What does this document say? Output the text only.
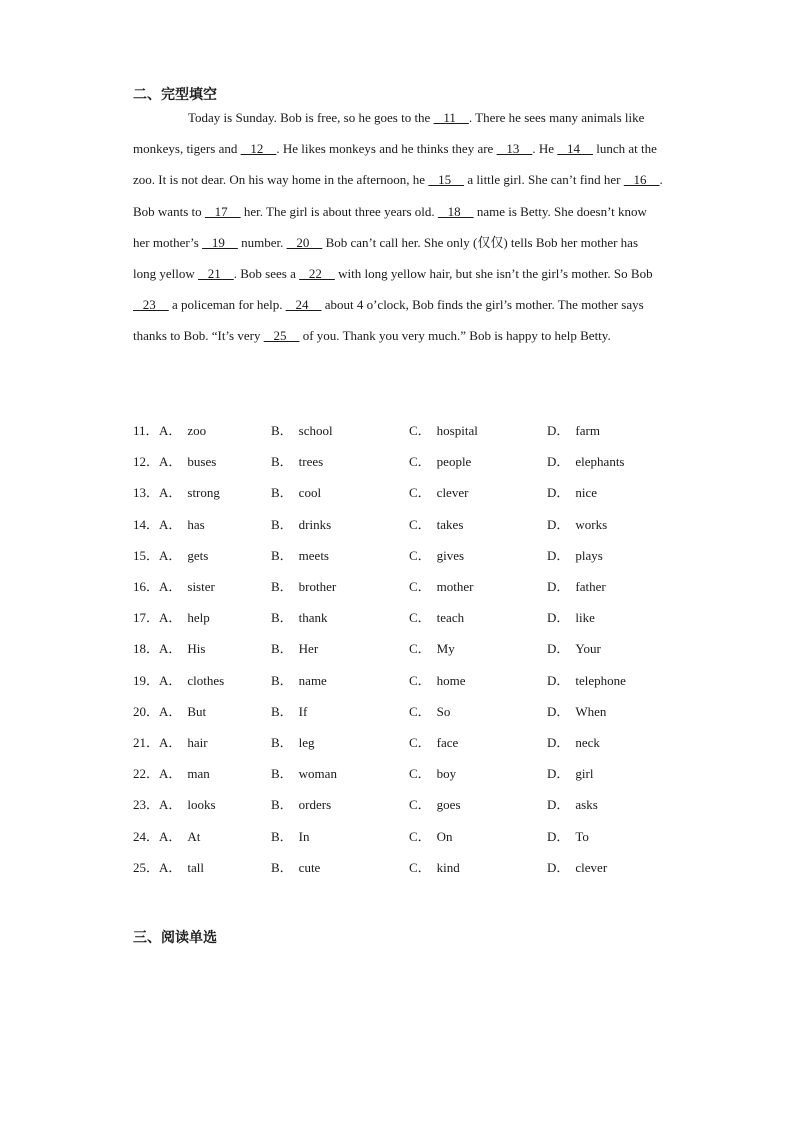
二、完型填空

Today is Sunday. Bob is free, so he goes to the    11    . There he sees many animals like monkeys, tigers and    12    . He likes monkeys and he thinks they are    13    . He    14     lunch at the zoo. It is not dear. On his way home in the afternoon, he    15     a little girl. She can’t find her    16    . Bob wants to    17     her. The girl is about three years old.    18     name is Betty. She doesn’t know her mother’s    19     number.    20     Bob can’t call her. She only (仅仅) tells Bob her mother has long yellow    21    . Bob sees a    22     with long yellow hair, but she isn’t the girl’s mother. So Bob    23     a policeman for help.    24     about 4 o’clock, Bob finds the girl’s mother. The mother says thanks to Bob. “It’s very    25     of you. Thank you very much.” Bob is happy to help Betty.

11． A． zoo	B． school	C． hospital	D． farm
12． A． buses	B． trees	C． people	D． elephants
13． A． strong	B． cool	C． clever	D． nice
14． A． has	B． drinks	C． takes	D． works
15． A． gets	B． meets	C． gives	D． plays
16． A． sister	B． brother	C． mother	D． father
17． A． help	B． thank	C． teach	D． like
18． A． His	B． Her	C． My	D． Your
19． A． clothes	B． name	C． home	D． telephone
20． A． But	B． If	C． So	D． When
21． A． hair	B． leg	C． face	D． neck
22． A． man	B． woman	C． boy	D． girl
23． A． looks	B． orders	C． goes	D． asks
24． A． At	B． In	C． On	D． To
25． A． tall	B． cute	C． kind	D． clever
三、阅读单选
